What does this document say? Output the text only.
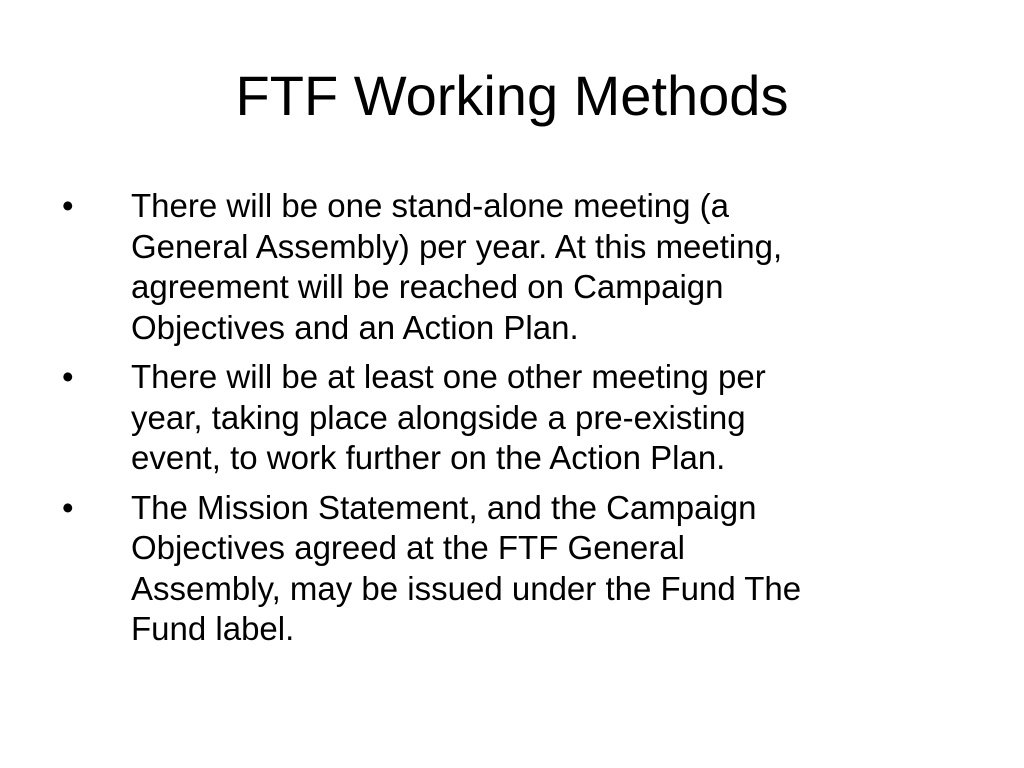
FTF Working Methods
•	There will be one stand-alone meeting (a
General Assembly) per year. At this meeting,
agreement will be reached on Campaign
Objectives and an Action Plan.
•	There will be at least one other meeting per
year, taking place alongside a pre-existing
event, to work further on the Action Plan.
•	The Mission Statement, and the Campaign
Objectives agreed at the FTF General
Assembly, may be issued under the Fund The
Fund label.
